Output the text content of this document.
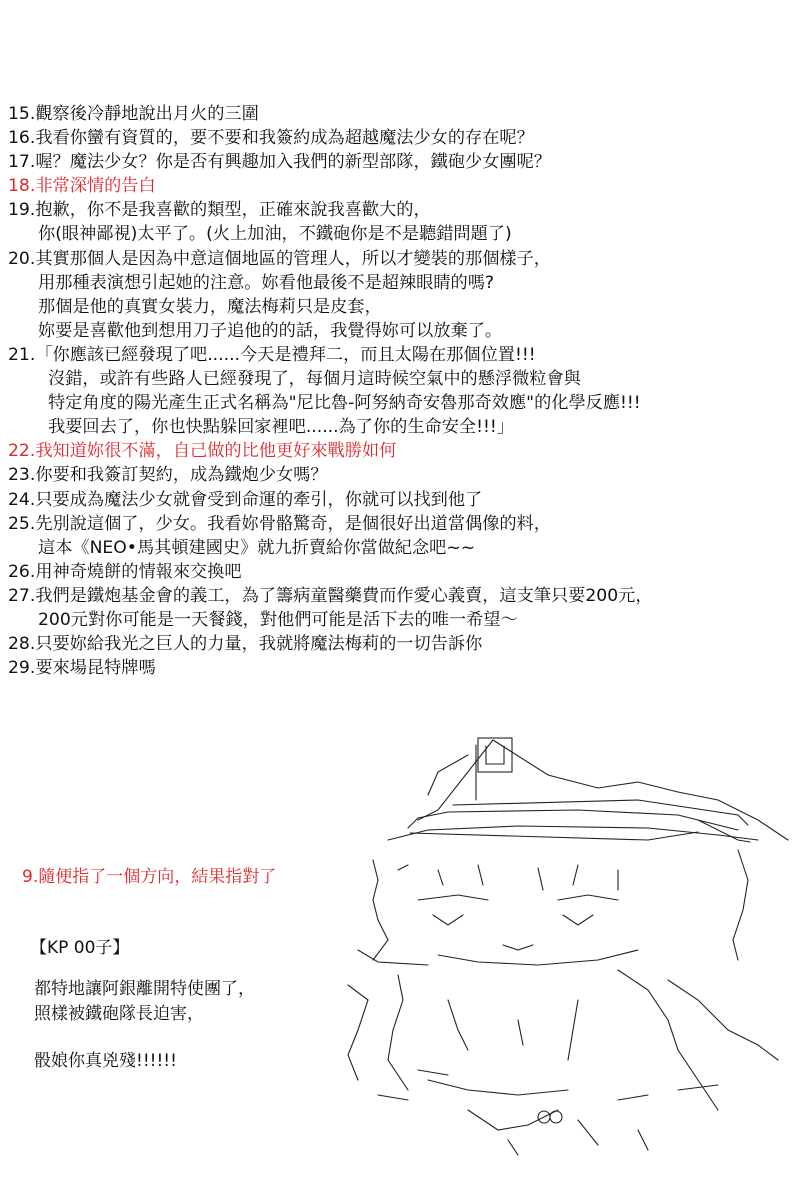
15.觀察後冷靜地說出月火的三圍
16.我看你蠻有資質的，要不要和我簽約成為超越魔法少女的存在呢？
17.喔？魔法少女？你是否有興趣加入我們的新型部隊，鐵砲少女團呢？
18.非常深情的告白
19.抱歉，你不是我喜歡的類型，正確來說我喜歡大的，
你(眼神鄙視)太平了。(火上加油，不鐵砲你是不是聽錯問題了)
20.其實那個人是因為中意這個地區的管理人，所以才變裝的那個樣子，
用那種表演想引起她的注意。妳看他最後不是超辣眼睛的嗎?
那個是他的真實女裝力，魔法梅莉只是皮套，
妳要是喜歡他到想用刀子追他的的話，我覺得妳可以放棄了。
21.「你應該已經發現了吧......今天是禮拜二，而且太陽在那個位置!!!
沒錯，或許有些路人已經發現了，每個月這時候空氣中的懸浮微粒會與
特定角度的陽光產生正式名稱為"尼比魯-阿努納奇安魯那奇效應"的化學反應!!!
我要回去了，你也快點躲回家裡吧......為了你的生命安全!!!」
22.我知道妳很不滿，自己做的比他更好來戰勝如何
23.你要和我簽訂契約，成為鐵炮少女嗎？
24.只要成為魔法少女就會受到命運的牽引，你就可以找到他了
25.先別說這個了，少女。我看妳骨骼驚奇，是個很好出道當偶像的料，
這本《NEO•馬其頓建國史》就九折賣給你當做紀念吧~~
26.用神奇燒餅的情報來交換吧
27.我們是鐵炮基金會的義工，為了籌病童醫藥費而作愛心義賣，這支筆只要200元，
200元對你可能是一天餐錢，對他們可能是活下去的唯一希望～
28.只要妳給我光之巨人的力量，我就將魔法梅莉的一切告訴你
29.要來場昆特牌嗎
9.隨便指了一個方向，結果指對了
【KP 00子】
都特地讓阿銀離開特使團了，
照樣被鐵砲隊長迫害，
骰娘你真兇殘!!!!!!
